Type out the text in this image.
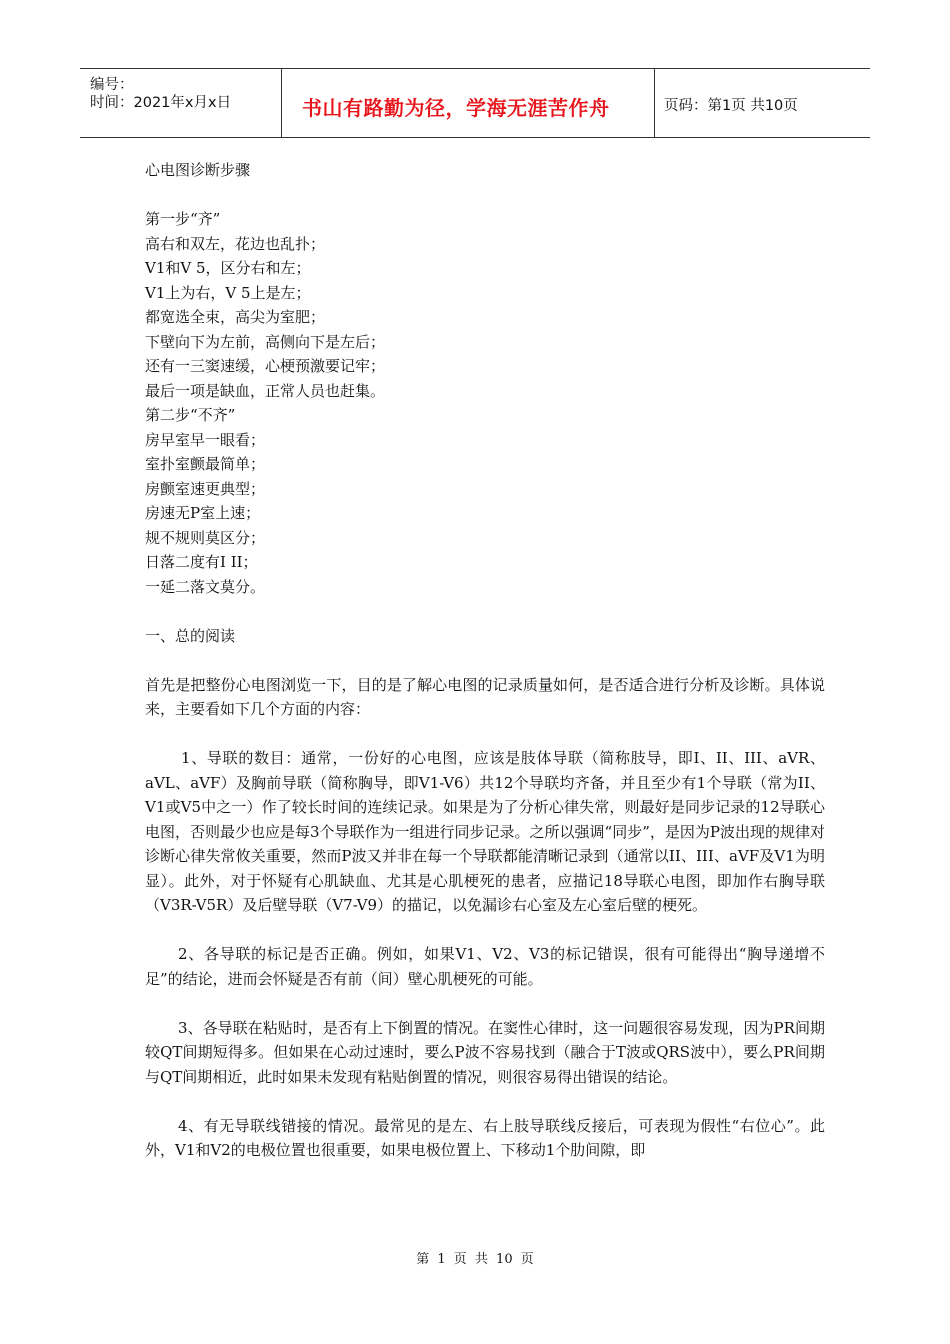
编号：
时间：2021年x月x日	书山有路勤为径，学海无涯苦作舟	页码：第1页 共10页
心电图诊断步骤
第一步“齐”
高右和双左，花边也乱扑；
V1和V 5，区分右和左；
V1上为右，V 5上是左；
都宽选全束，高尖为室肥；
下壁向下为左前，高侧向下是左后；
还有一三窦速缓，心梗预激要记牢；
最后一项是缺血，正常人员也赶集。
第二步“不齐”
房早室早一眼看；
室扑室颤最简单；
房颤室速更典型；
房速无P室上速；
规不规则莫区分；
日落二度有I II；
一延二落文莫分。
一、总的阅读
首先是把整份心电图浏览一下，目的是了解心电图的记录质量如何，是否适合进行分析及诊断。具体说来，主要看如下几个方面的内容：
1、导联的数目：通常，一份好的心电图，应该是肢体导联（简称肢导，即I、II、III、aVR、aVL、aVF）及胸前导联（简称胸导，即V1-V6）共12个导联均齐备，并且至少有1个导联（常为II、V1或V5中之一）作了较长时间的连续记录。如果是为了分析心律失常，则最好是同步记录的12导联心电图，否则最少也应是每3个导联作为一组进行同步记录。之所以强调“同步”，是因为P波出现的规律对诊断心律失常攸关重要，然而P波又并非在每一个导联都能清晰记录到（通常以II、III、aVF及V1为明显）。此外，对于怀疑有心肌缺血、尤其是心肌梗死的患者，应描记18导联心电图，即加作右胸导联（V3R-V5R）及后壁导联（V7-V9）的描记，以免漏诊右心室及左心室后壁的梗死。
2、各导联的标记是否正确。例如，如果V1、V2、V3的标记错误，很有可能得出“胸导递增不足”的结论，进而会怀疑是否有前（间）壁心肌梗死的可能。
3、各导联在粘贴时，是否有上下倒置的情况。在窦性心律时，这一问题很容易发现，因为PR间期较QT间期短得多。但如果在心动过速时，要么P波不容易找到（融合于T波或QRS波中），要么PR间期与QT间期相近，此时如果未发现有粘贴倒置的情况，则很容易得出错误的结论。
4、有无导联线错接的情况。最常见的是左、右上肢导联线反接后，可表现为假性“右位心”。此外，V1和V2的电极位置也很重要，如果电极位置上、下移动1个肋间隙，即
第 1 页 共 10 页
